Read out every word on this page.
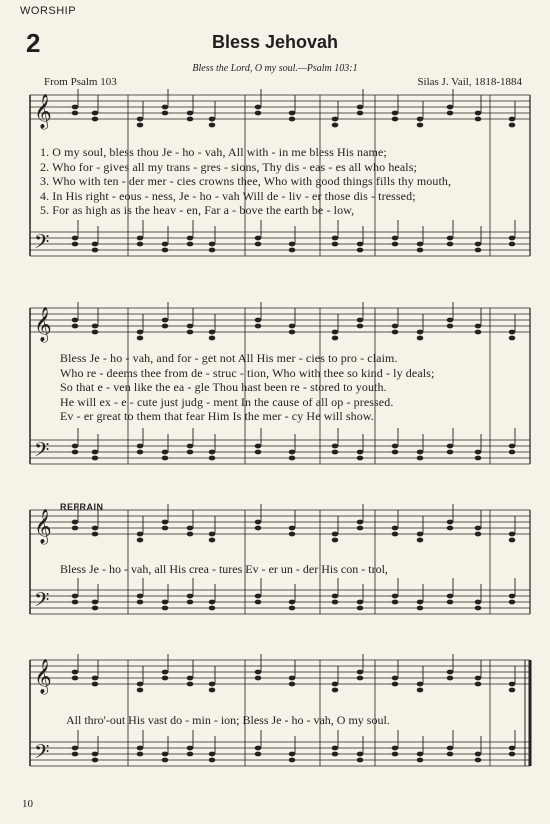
WORSHIP
2	Bless Jehovah
Bless the Lord, O my soul.—Psalm 103:1
From Psalm 103	Silas J. Vail, 1818-1884
𝄞
𝄢
𝄞
𝄢
𝄞
𝄢
𝄞
𝄢
1. O my soul, bless thou Je - ho - vah, All with - in me bless His name;
2. Who for - gives all my trans - gres - sions, Thy dis - eas - es all who heals;
3. Who with ten - der mer - cies crowns thee, Who with good things fills thy mouth,
4. In His right - eous - ness, Je - ho - vah Will de - liv - er those dis - tressed;
5. For as high as is the heav - en, Far a - bove the earth be - low,
Bless Je - ho - vah, and for - get not All His mer - cies to pro - claim.
Who re - deems thee from de - struc - tion, Who with thee so kind - ly deals;
So that e - ven like the ea - gle Thou hast been re - stored to youth.
He will ex - e - cute just judg - ment In the cause of all op - pressed.
Ev - er great to them that fear Him Is the mer - cy He will show.
REFRAIN
Bless Je - ho - vah, all His crea - tures Ev - er un - der His con - trol,
All thro'-out His vast do - min - ion; Bless Je - ho - vah, O my soul.
10
